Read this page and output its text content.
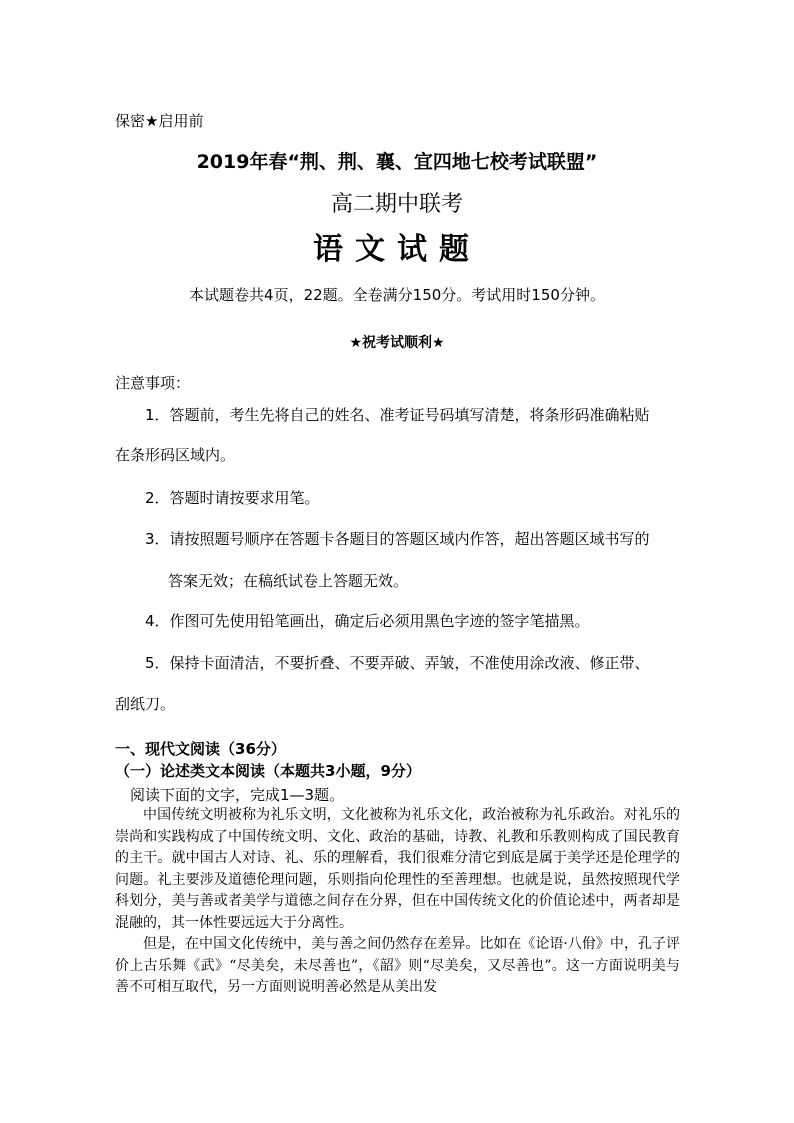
保密★启用前
2019年春“荆、荆、襄、宜四地七校考试联盟”
高二期中联考
语文试题
本试题卷共4页，22题。全卷满分150分。考试用时150分钟。
★祝考试顺利★
注意事项：
1．答题前，考生先将自己的姓名、准考证号码填写清楚，将条形码准确粘贴
在条形码区域内。
2．答题时请按要求用笔。
3．请按照题号顺序在答题卡各题目的答题区域内作答，超出答题区域书写的
答案无效；在稿纸试卷上答题无效。
4．作图可先使用铅笔画出，确定后必须用黑色字迹的签字笔描黑。
5．保持卡面清洁，不要折叠、不要弄破、弄皱，不准使用涂改液、修正带、
刮纸刀。
一、现代文阅读（36分）
（一）论述类文本阅读（本题共3小题，9分）
阅读下面的文字，完成1—3题。

中国传统文明被称为礼乐文明，文化被称为礼乐文化，政治被称为礼乐政治。对礼乐的崇尚和实践构成了中国传统文明、文化、政治的基础，诗教、礼教和乐教则构成了国民教育的主干。就中国古人对诗、礼、乐的理解看，我们很难分清它到底是属于美学还是伦理学的问题。礼主要涉及道德伦理问题，乐则指向伦理性的至善理想。也就是说，虽然按照现代学科划分，美与善或者美学与道德之间存在分界，但在中国传统文化的价值论述中，两者却是混融的，其一体性要远远大于分离性。

但是，在中国文化传统中，美与善之间仍然存在差异。比如在《论语·八佾》中，孔子评价上古乐舞《武》“尽美矣，未尽善也”，《韶》则“尽美矣，又尽善也”。这一方面说明美与善不可相互取代，另一方面则说明善必然是从美出发
